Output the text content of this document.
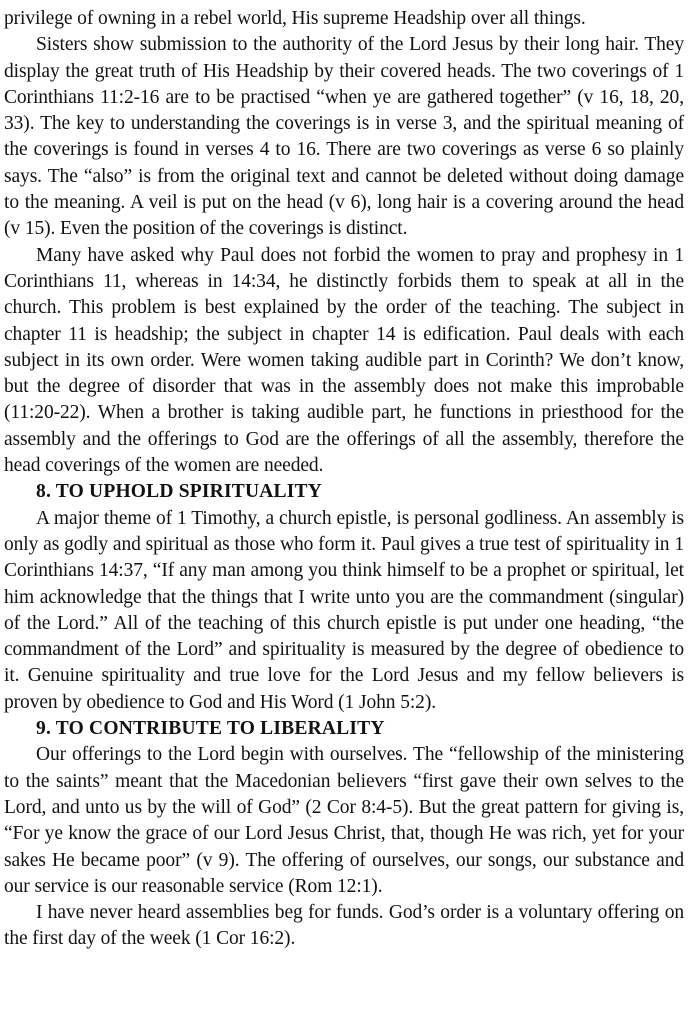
privilege of owning in a rebel world, His supreme Headship over all things.

Sisters show submission to the authority of the Lord Jesus by their long hair. They display the great truth of His Headship by their covered heads. The two coverings of 1 Corinthians 11:2-16 are to be practised “when ye are gathered together” (v 16, 18, 20, 33). The key to understanding the coverings is in verse 3, and the spiritual meaning of the coverings is found in verses 4 to 16. There are two coverings as verse 6 so plainly says. The “also” is from the original text and cannot be deleted without doing damage to the meaning. A veil is put on the head (v 6), long hair is a covering around the head (v 15). Even the position of the coverings is distinct.

Many have asked why Paul does not forbid the women to pray and prophesy in 1 Corinthians 11, whereas in 14:34, he distinctly forbids them to speak at all in the church. This problem is best explained by the order of the teaching. The subject in chapter 11 is headship; the subject in chapter 14 is edification. Paul deals with each subject in its own order. Were women taking audible part in Corinth? We don’t know, but the degree of disorder that was in the assembly does not make this improbable (11:20-22). When a brother is taking audible part, he functions in priesthood for the assembly and the offerings to God are the offerings of all the assembly, therefore the head coverings of the women are needed.

8. TO UPHOLD SPIRITUALITY

A major theme of 1 Timothy, a church epistle, is personal godliness. An assembly is only as godly and spiritual as those who form it. Paul gives a true test of spirituality in 1 Corinthians 14:37, “If any man among you think himself to be a prophet or spiritual, let him acknowledge that the things that I write unto you are the commandment (singular) of the Lord.” All of the teaching of this church epistle is put under one heading, “the commandment of the Lord” and spirituality is measured by the degree of obedience to it. Genuine spirituality and true love for the Lord Jesus and my fellow believers is proven by obedience to God and His Word (1 John 5:2).

9. TO CONTRIBUTE TO LIBERALITY

Our offerings to the Lord begin with ourselves. The “fellowship of the ministering to the saints” meant that the Macedonian believers “first gave their own selves to the Lord, and unto us by the will of God” (2 Cor 8:4-5). But the great pattern for giving is, “For ye know the grace of our Lord Jesus Christ, that, though He was rich, yet for your sakes He became poor” (v 9). The offering of ourselves, our songs, our substance and our service is our reasonable service (Rom 12:1).

I have never heard assemblies beg for funds. God’s order is a voluntary offering on the first day of the week (1 Cor 16:2).
